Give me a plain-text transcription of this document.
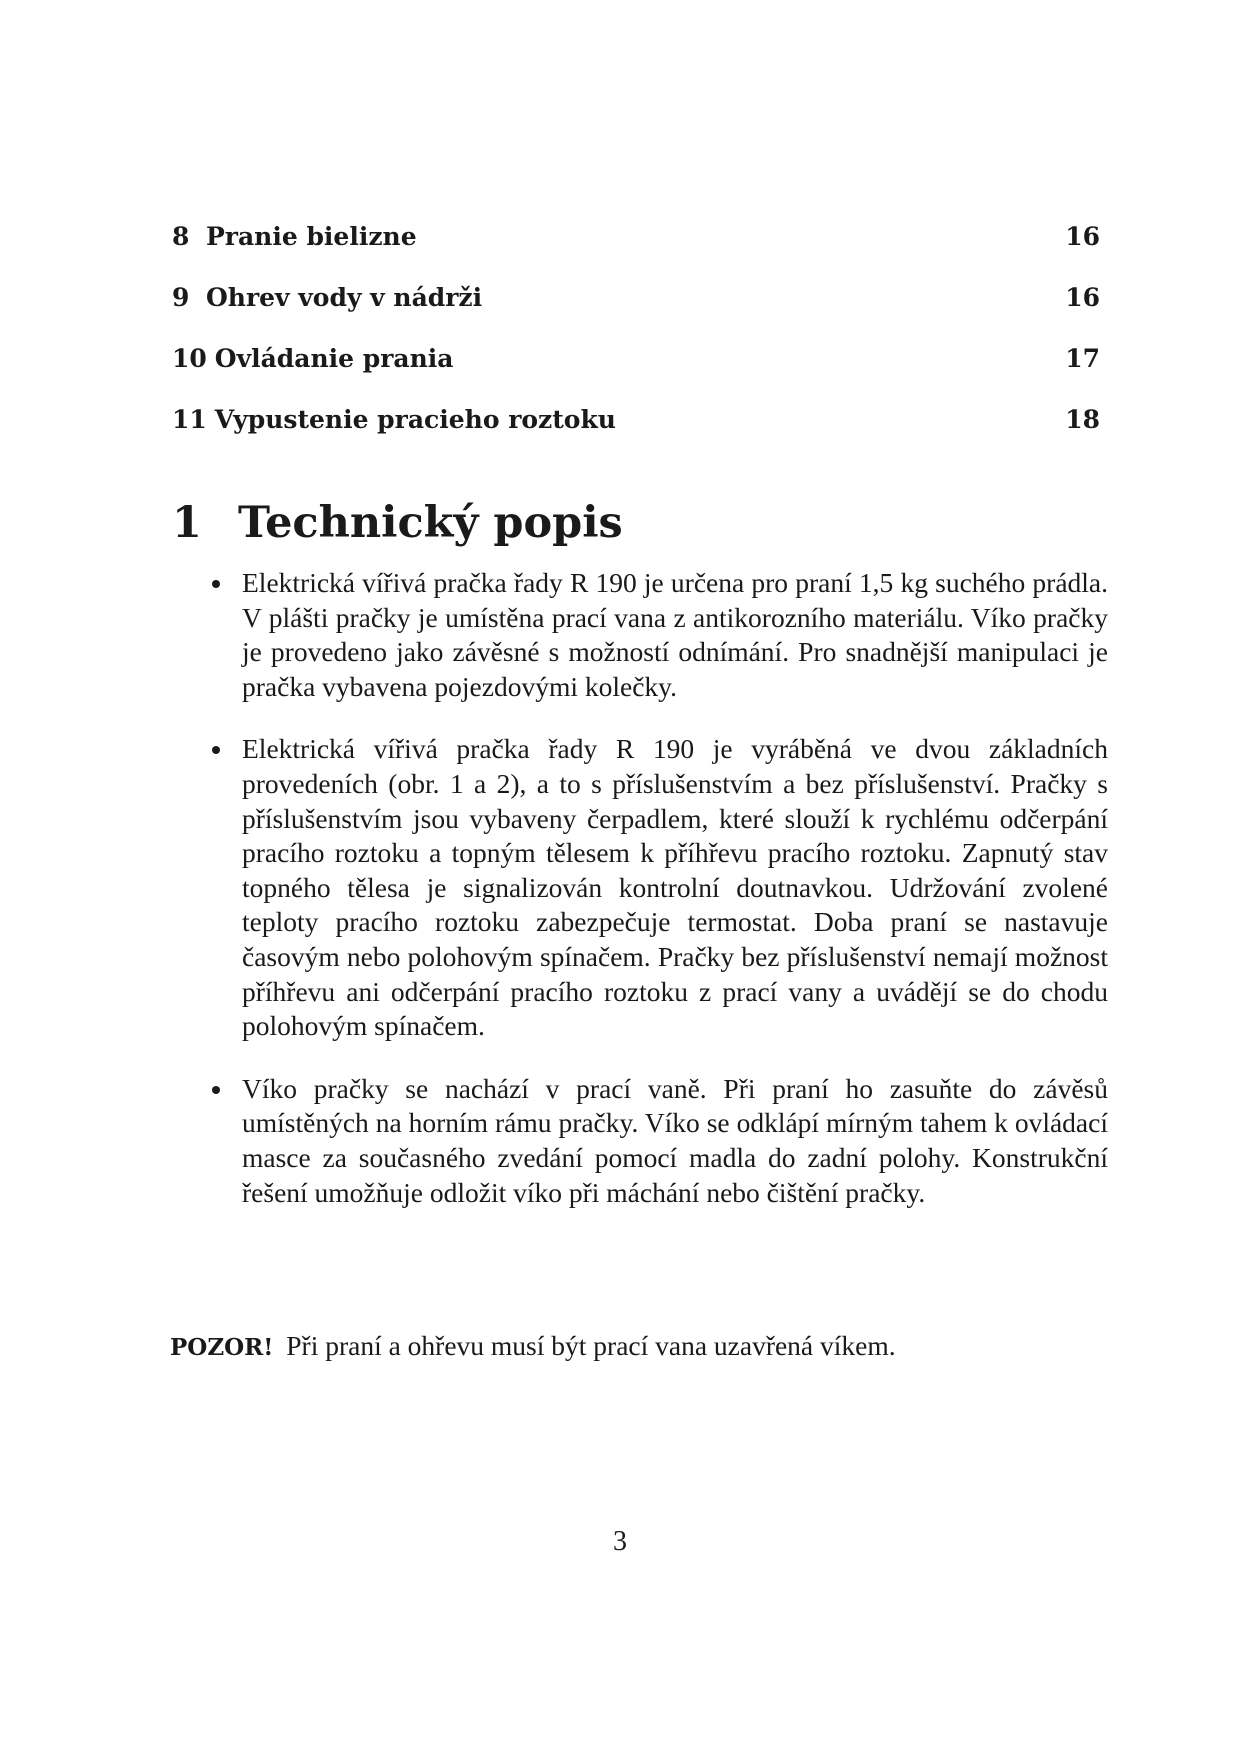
8 Pranie bielizne	16
9 Ohrev vody v nádrži	16
10 Ovládanie prania	17
11 Vypustenie pracieho roztoku	18
1 Technický popis
Elektrická vířivá pračka řady R 190 je určena pro praní 1,5 kg suchého prádla. V plášti pračky je umístěna prací vana z antikorozního materiálu. Víko pračky je provedeno jako závěsné s možností odnímání. Pro snadnější manipulaci je pračka vybavena pojezdovými kolečky.
Elektrická vířivá pračka řady R 190 je vyráběná ve dvou základních provedeních (obr. 1 a 2), a to s příslušenstvím a bez příslušenství. Pračky s příslušenstvím jsou vybaveny čerpadlem, které slouží k rychlému odčerpání pracího roztoku a topným tělesem k příhřevu pracího roztoku. Zapnutý stav topného tělesa je signalizován kontrolní doutnavkou. Udržování zvolené teploty pracího roztoku zabezpečuje termostat. Doba praní se nastavuje časovým nebo polohovým spínačem. Pračky bez příslušenství nemají možnost příhřevu ani odčerpání pracího roztoku z prací vany a uvádějí se do chodu polohovým spínačem.
Víko pračky se nachází v prací vaně. Při praní ho zasuňte do závěsů umístěných na horním rámu pračky. Víko se odklápí mírným tahem k ovládací masce za současného zvedání pomocí madla do zadní polohy. Konstrukční řešení umožňuje odložit víko při máchání nebo čištění pračky.

POZOR! Při praní a ohřevu musí být prací vana uzavřená víkem.

3
